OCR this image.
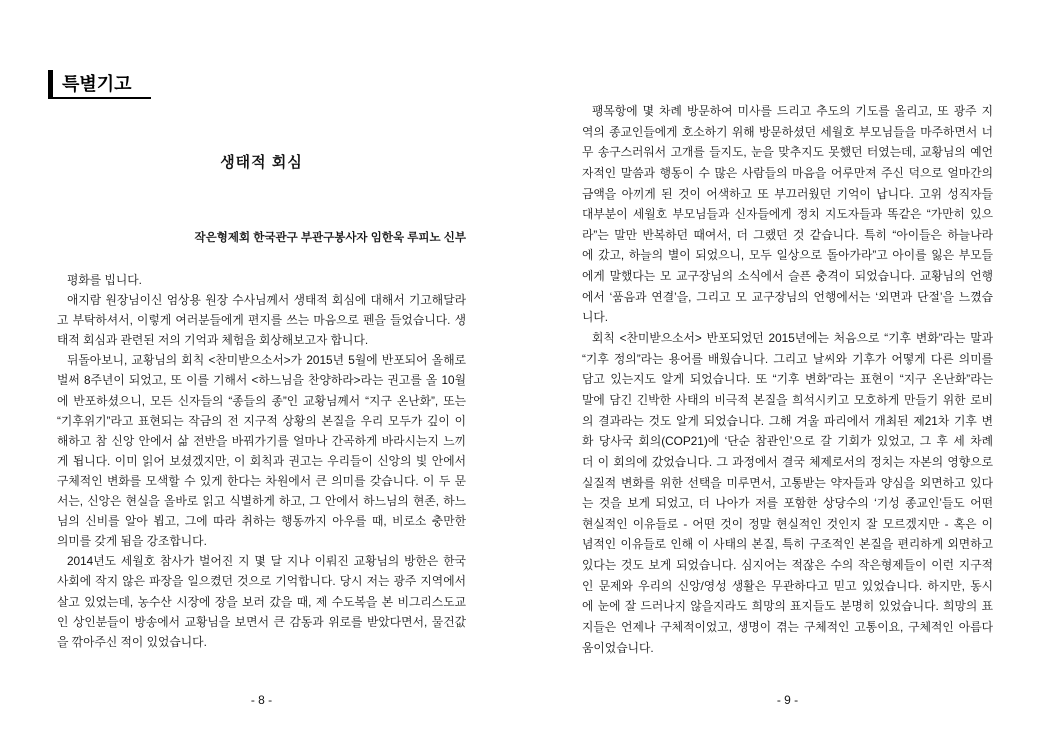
특별기고
생태적 회심
작은형제회 한국관구 부관구봉사자 임한욱 루피노 신부
평화를 빕니다.
애지람 원장님이신 엄상용 원장 수사님께서 생태적 회심에 대해서 기고해달라
고 부탁하셔서, 이렇게 여러분들에게 편지를 쓰는 마음으로 펜을 들었습니다. 생
태적 회심과 관련된 저의 기억과 체험을 회상해보고자 합니다.
뒤돌아보니, 교황님의 회칙 <찬미받으소서>가 2015년 5월에 반포되어 올해로
벌써 8주년이 되었고, 또 이를 기해서 <하느님을 찬양하라>라는 권고를 올 10월
에 반포하셨으니, 모든 신자들의 “종들의 종”인 교황님께서 “지구 온난화”, 또는
“기후위기”라고 표현되는 작금의 전 지구적 상황의 본질을 우리 모두가 깊이 이
해하고 참 신앙 안에서 삶 전반을 바꿔가기를 얼마나 간곡하게 바라시는지 느끼
게 됩니다. 이미 읽어 보셨겠지만, 이 회칙과 권고는 우리들이 신앙의 빛 안에서
구체적인 변화를 모색할 수 있게 한다는 차원에서 큰 의미를 갖습니다. 이 두 문
서는, 신앙은 현실을 올바로 읽고 식별하게 하고, 그 안에서 하느님의 현존, 하느
님의 신비를 알아 뵙고, 그에 따라 취하는 행동까지 아우를 때, 비로소 충만한
의미를 갖게 됨을 강조합니다.
2014년도 세월호 참사가 벌어진 지 몇 달 지나 이뤄진 교황님의 방한은 한국
사회에 작지 않은 파장을 일으켰던 것으로 기억합니다. 당시 저는 광주 지역에서
살고 있었는데, 농수산 시장에 장을 보러 갔을 때, 제 수도복을 본 비그리스도교
인 상인분들이 방송에서 교황님을 보면서 큰 감동과 위로를 받았다면서, 물건값
을 깎아주신 적이 있었습니다.
- 8 -
팽목항에 몇 차례 방문하여 미사를 드리고 추도의 기도를 올리고, 또 광주 지
역의 종교인들에게 호소하기 위해 방문하셨던 세월호 부모님들을 마주하면서 너
무 송구스러워서 고개를 들지도, 눈을 맞추지도 못했던 터였는데, 교황님의 예언
자적인 말씀과 행동이 수 많은 사람들의 마음을 어루만져 주신 덕으로 얼마간의
금액을 아끼게 된 것이 어색하고 또 부끄러웠던 기억이 납니다. 고위 성직자들
대부분이 세월호 부모님들과 신자들에게 정치 지도자들과 똑같은 “가만히 있으
라”는 말만 반복하던 때여서, 더 그랬던 것 같습니다. 특히 “아이들은 하늘나라
에 갔고, 하늘의 별이 되었으니, 모두 일상으로 돌아가라”고 아이를 잃은 부모들
에게 말했다는 모 교구장님의 소식에서 슬픈 충격이 되었습니다. 교황님의 언행
에서 ‘품음과 연결’을, 그리고 모 교구장님의 언행에서는 ‘외면과 단절’을 느꼈습
니다.
회칙 <찬미받으소서> 반포되었던 2015년에는 처음으로 “기후 변화”라는 말과
“기후 정의”라는 용어를 배웠습니다. 그리고 날씨와 기후가 어떻게 다른 의미를
담고 있는지도 알게 되었습니다. 또 “기후 변화”라는 표현이 “지구 온난화”라는
말에 담긴 긴박한 사태의 비극적 본질을 희석시키고 모호하게 만들기 위한 로비
의 결과라는 것도 알게 되었습니다. 그해 겨울 파리에서 개최된 제21차 기후 변
화 당사국 회의(COP21)에 ‘단순 참관인’으로 갈 기회가 있었고, 그 후 세 차례
더 이 회의에 갔었습니다. 그 과정에서 결국 체제로서의 정치는 자본의 영향으로
실질적 변화를 위한 선택을 미루면서, 고통받는 약자들과 양심을 외면하고 있다
는 것을 보게 되었고, 더 나아가 저를 포함한 상당수의 ‘기성 종교인’들도 어떤
현실적인 이유들로 - 어떤 것이 정말 현실적인 것인지 잘 모르겠지만 - 혹은 이
념적인 이유들로 인해 이 사태의 본질, 특히 구조적인 본질을 편리하게 외면하고
있다는 것도 보게 되었습니다. 심지어는 적잖은 수의 작은형제들이 이런 지구적
인 문제와 우리의 신앙/영성 생활은 무관하다고 믿고 있었습니다. 하지만, 동시
에 눈에 잘 드러나지 않을지라도 희망의 표지들도 분명히 있었습니다. 희망의 표
지들은 언제나 구체적이었고, 생명이 겪는 구체적인 고통이요, 구체적인 아름다
움이었습니다.
- 9 -
